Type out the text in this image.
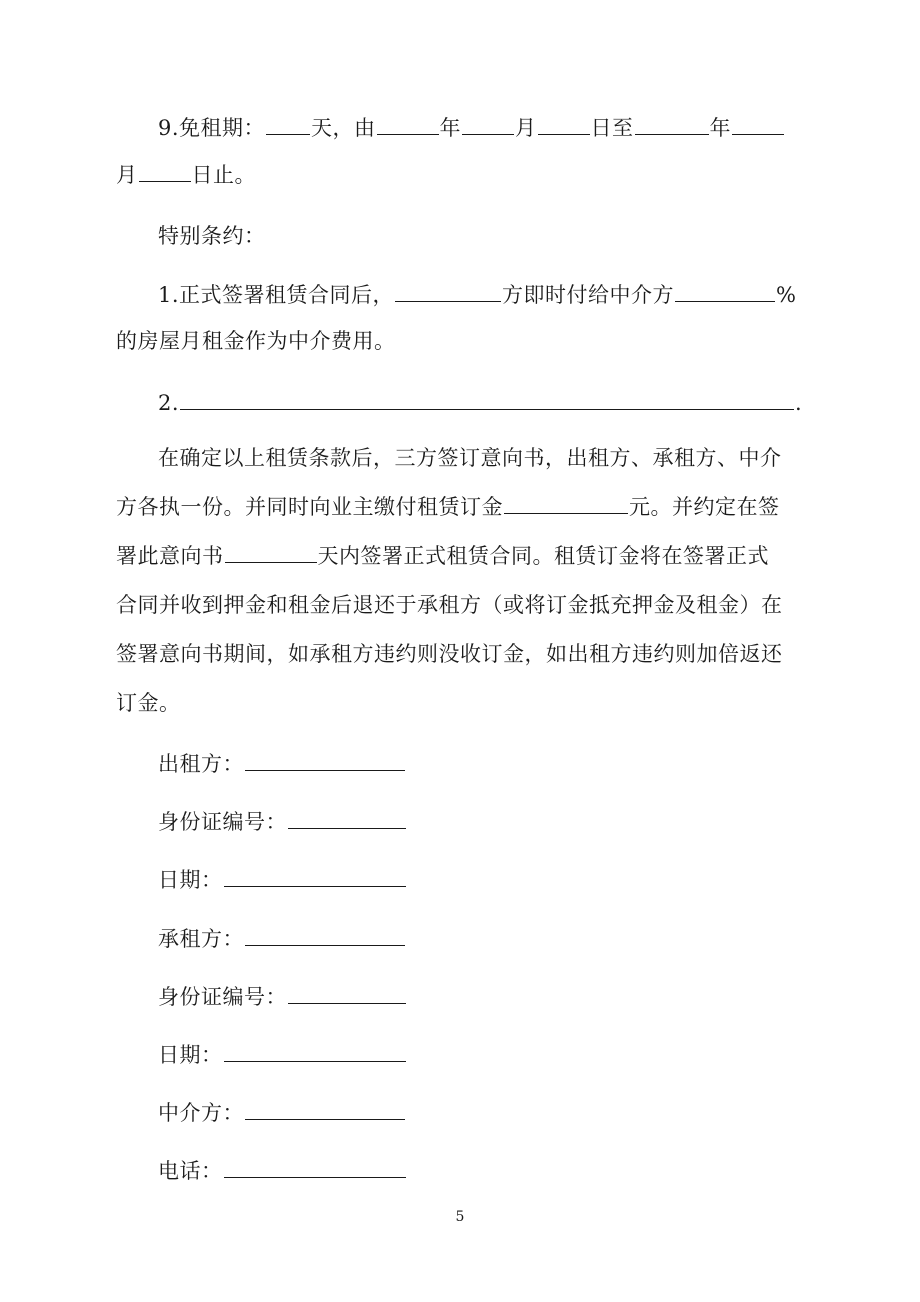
9.免租期： 天，由	年	月	日至	年
月	日止。
特别条约：
1.正式签署租赁合同后，	方即时付给中介方	%
的房屋月租金作为中介费用。
2.	.
在确定以上租赁条款后，三方签订意向书，出租方、承租方、中介
方各执一份。并同时向业主缴付租赁订金	元。并约定在签
署此意向书	天内签署正式租赁合同。租赁订金将在签署正式
合同并收到押金和租金后退还于承租方（或将订金抵充押金及租金）在
签署意向书期间，如承租方违约则没收订金，如出租方违约则加倍返还
订金。
出租方：
身份证编号：
日期：
承租方：
身份证编号：
日期：
中介方：
电话：
5
